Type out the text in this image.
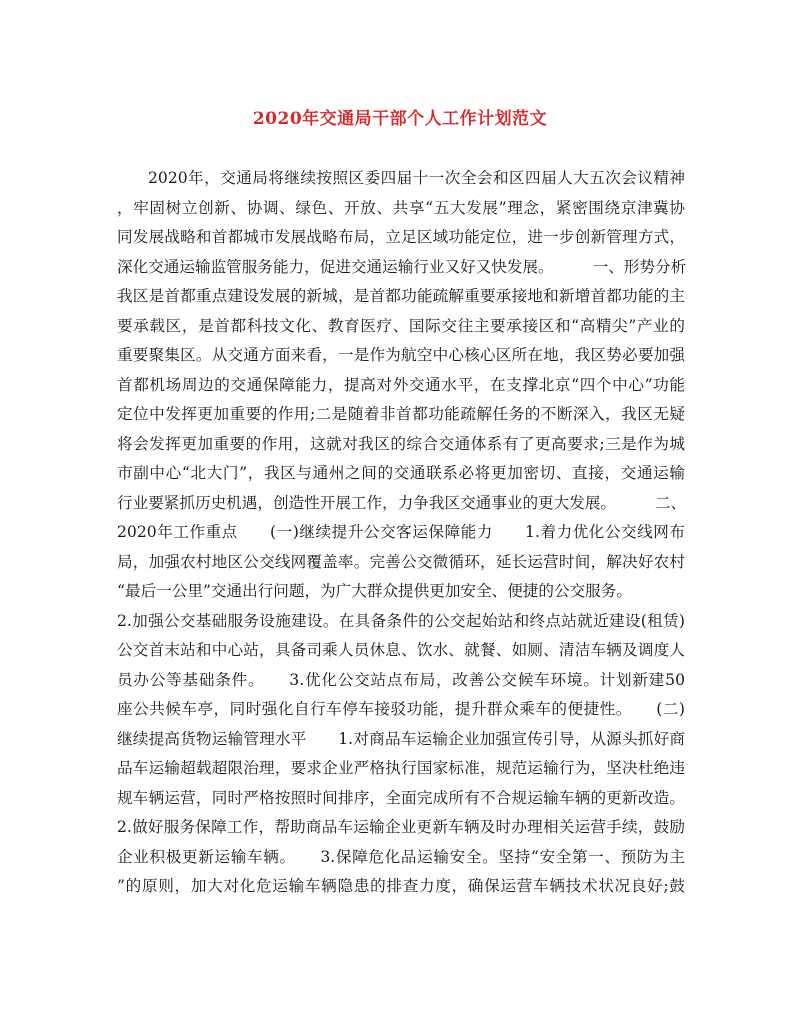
2020年交通局干部个人工作计划范文
2020年，交通局将继续按照区委四届十一次全会和区四届人大五次会议精神
，牢固树立创新、协调、绿色、开放、共享“五大发展”理念，紧密围绕京津冀协
同发展战略和首都城市发展战略布局，立足区域功能定位，进一步创新管理方式，
深化交通运输监管服务能力，促进交通运输行业又好又快发展。　　　一、形势分析
我区是首都重点建设发展的新城，是首都功能疏解重要承接地和新增首都功能的主
要承载区，是首都科技文化、教育医疗、国际交往主要承接区和“高精尖”产业的
重要聚集区。从交通方面来看，一是作为航空中心核心区所在地，我区势必要加强
首都机场周边的交通保障能力，提高对外交通水平，在支撑北京“四个中心”功能
定位中发挥更加重要的作用;二是随着非首都功能疏解任务的不断深入，我区无疑
将会发挥更加重要的作用，这就对我区的综合交通体系有了更高要求;三是作为城
市副中心“北大门”，我区与通州之间的交通联系必将更加密切、直接，交通运输
行业要紧抓历史机遇，创造性开展工作，力争我区交通事业的更大发展。　　　二、
2020年工作重点　　(一)继续提升公交客运保障能力　　1.着力优化公交线网布
局，加强农村地区公交线网覆盖率。完善公交微循环，延长运营时间，解决好农村
“最后一公里”交通出行问题，为广大群众提供更加安全、便捷的公交服务。
2.加强公交基础服务设施建设。在具备条件的公交起始站和终点站就近建设(租赁)
公交首末站和中心站，具备司乘人员休息、饮水、就餐、如厕、清洁车辆及调度人
员办公等基础条件。　　3.优化公交站点布局，改善公交候车环境。计划新建50
座公共候车亭，同时强化自行车停车接驳功能，提升群众乘车的便捷性。　　(二)
继续提高货物运输管理水平　　1.对商品车运输企业加强宣传引导，从源头抓好商
品车运输超载超限治理，要求企业严格执行国家标准，规范运输行为，坚决杜绝违
规车辆运营，同时严格按照时间排序，全面完成所有不合规运输车辆的更新改造。
2.做好服务保障工作，帮助商品车运输企业更新车辆及时办理相关运营手续，鼓励
企业积极更新运输车辆。　　3.保障危化品运输安全。坚持“安全第一、预防为主
”的原则，加大对化危运输车辆隐患的排查力度，确保运营车辆技术状况良好;鼓
